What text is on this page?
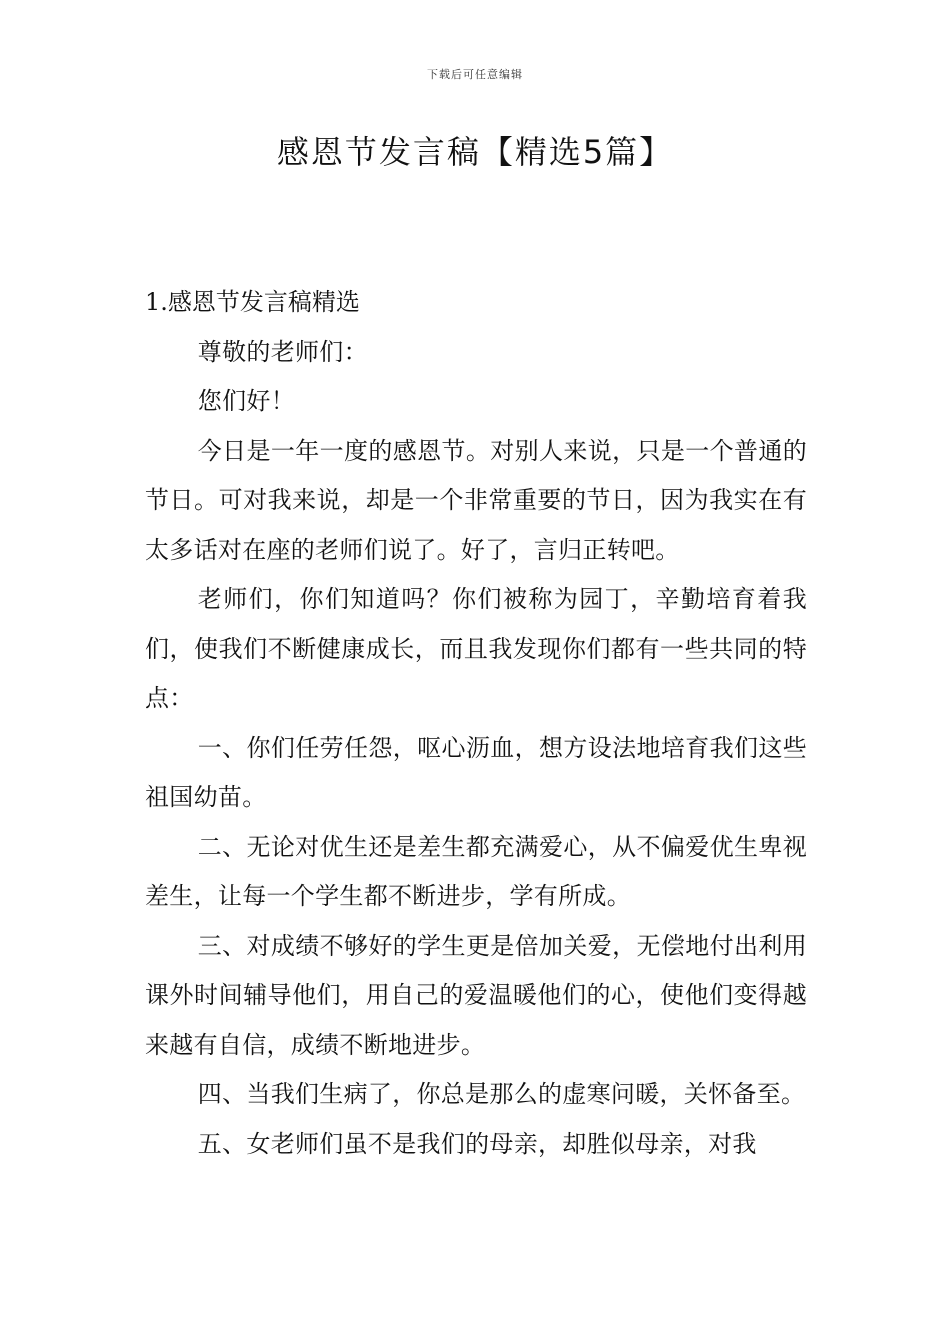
下载后可任意编辑
感恩节发言稿【精选5篇】

1.感恩节发言稿精选

尊敬的老师们：

您们好！

今日是一年一度的感恩节。对别人来说，只是一个普通的节日。可对我来说，却是一个非常重要的节日，因为我实在有太多话对在座的老师们说了。好了，言归正转吧。

老师们，你们知道吗？你们被称为园丁，辛勤培育着我们，使我们不断健康成长，而且我发现你们都有一些共同的特点：

一、你们任劳任怨，呕心沥血，想方设法地培育我们这些祖国幼苗。

二、无论对优生还是差生都充满爱心，从不偏爱优生卑视差生，让每一个学生都不断进步，学有所成。

三、对成绩不够好的学生更是倍加关爱，无偿地付出利用课外时间辅导他们，用自己的爱温暖他们的心，使他们变得越来越有自信，成绩不断地进步。

四、当我们生病了，你总是那么的虚寒问暖，关怀备至。

五、女老师们虽不是我们的母亲，却胜似母亲，对我
